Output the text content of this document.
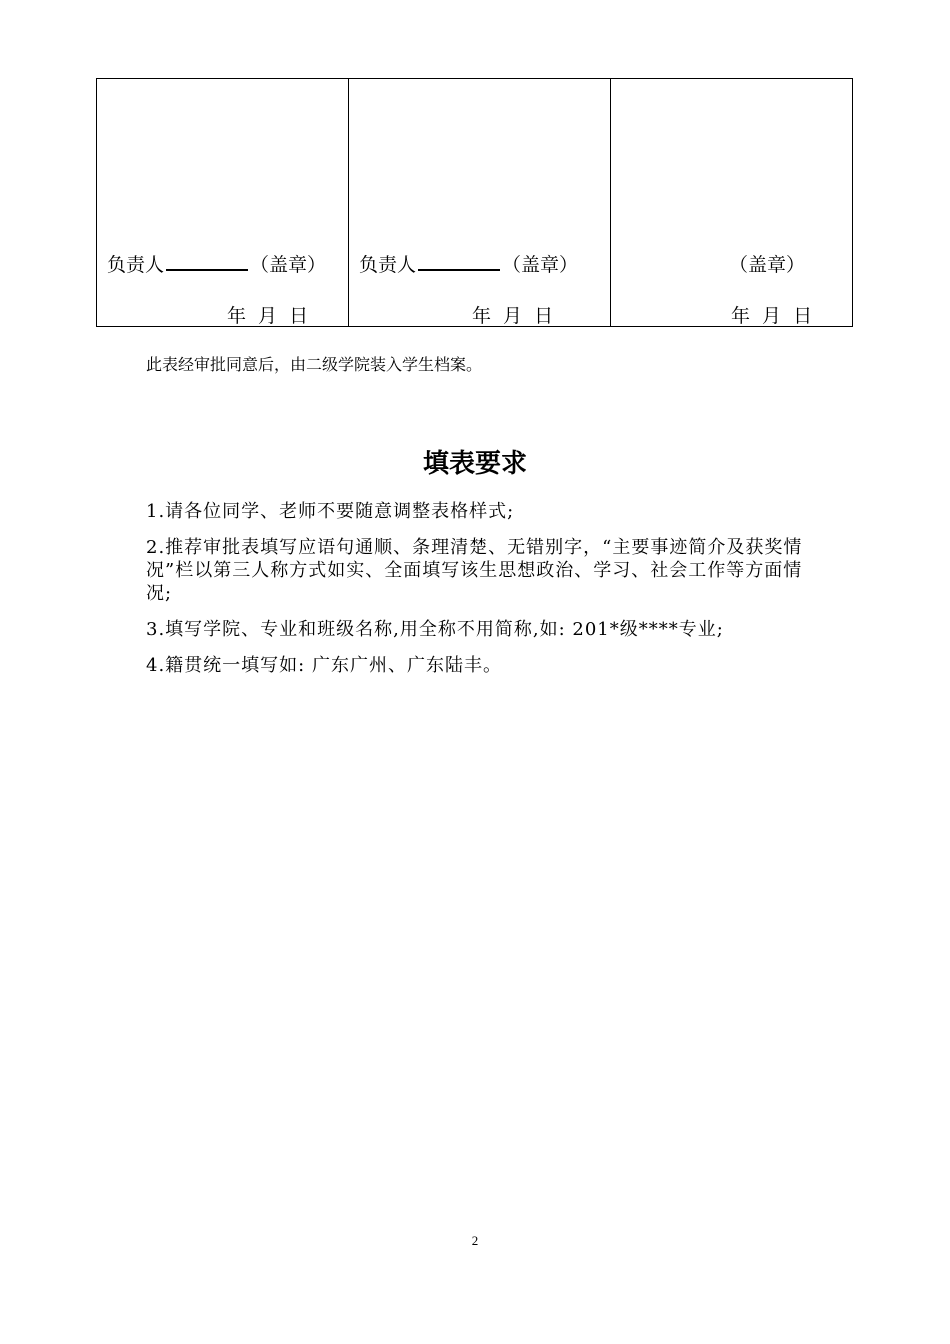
负责人	（盖章）
年 月 日

负责人	（盖章）
年 月 日

（盖章）
年 月 日
此表经审批同意后，由二级学院装入学生档案。
填表要求
1.请各位同学、老师不要随意调整表格样式;
2.推荐审批表填写应语句通顺、条理清楚、无错别字，“主要事迹简介及获奖情况”栏以第三人称方式如实、全面填写该生思想政治、学习、社会工作等方面情况;
3.填写学院、专业和班级名称,用全称不用简称,如: 201*级****专业;
4.籍贯统一填写如: 广东广州、广东陆丰。
2
